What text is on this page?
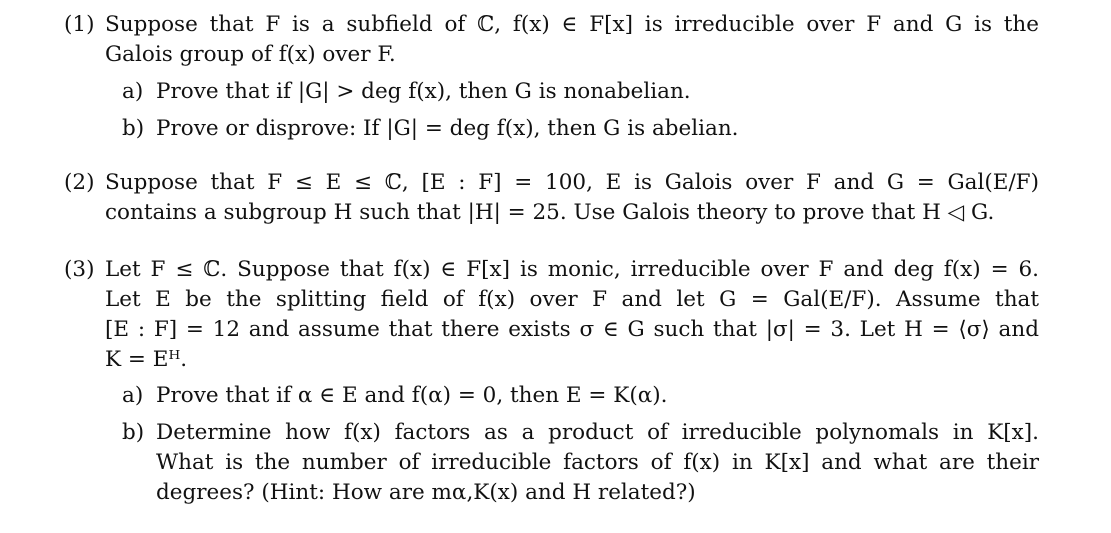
(1) Suppose that F is a subfield of ℂ, f(x) ∈ F[x] is irreducible over F and G is the
Galois group of f(x) over F.
a) Prove that if |G| > deg f(x), then G is nonabelian.
b) Prove or disprove: If |G| = deg f(x), then G is abelian.
(2) Suppose that F ≤ E ≤ ℂ, [E : F] = 100, E is Galois over F and G = Gal(E/F)
contains a subgroup H such that |H| = 25. Use Galois theory to prove that H ◁ G.
(3) Let F ≤ ℂ. Suppose that f(x) ∈ F[x] is monic, irreducible over F and deg f(x) = 6.
Let E be the splitting field of f(x) over F and let G = Gal(E/F). Assume that
[E : F] = 12 and assume that there exists σ ∈ G such that |σ| = 3. Let H = ⟨σ⟩ and
K = Eᴴ.
a) Prove that if α ∈ E and f(α) = 0, then E = K(α).
b) Determine how f(x) factors as a product of irreducible polynomals in K[x].
What is the number of irreducible factors of f(x) in K[x] and what are their
degrees? (Hint: How are mα,K(x) and H related?)
